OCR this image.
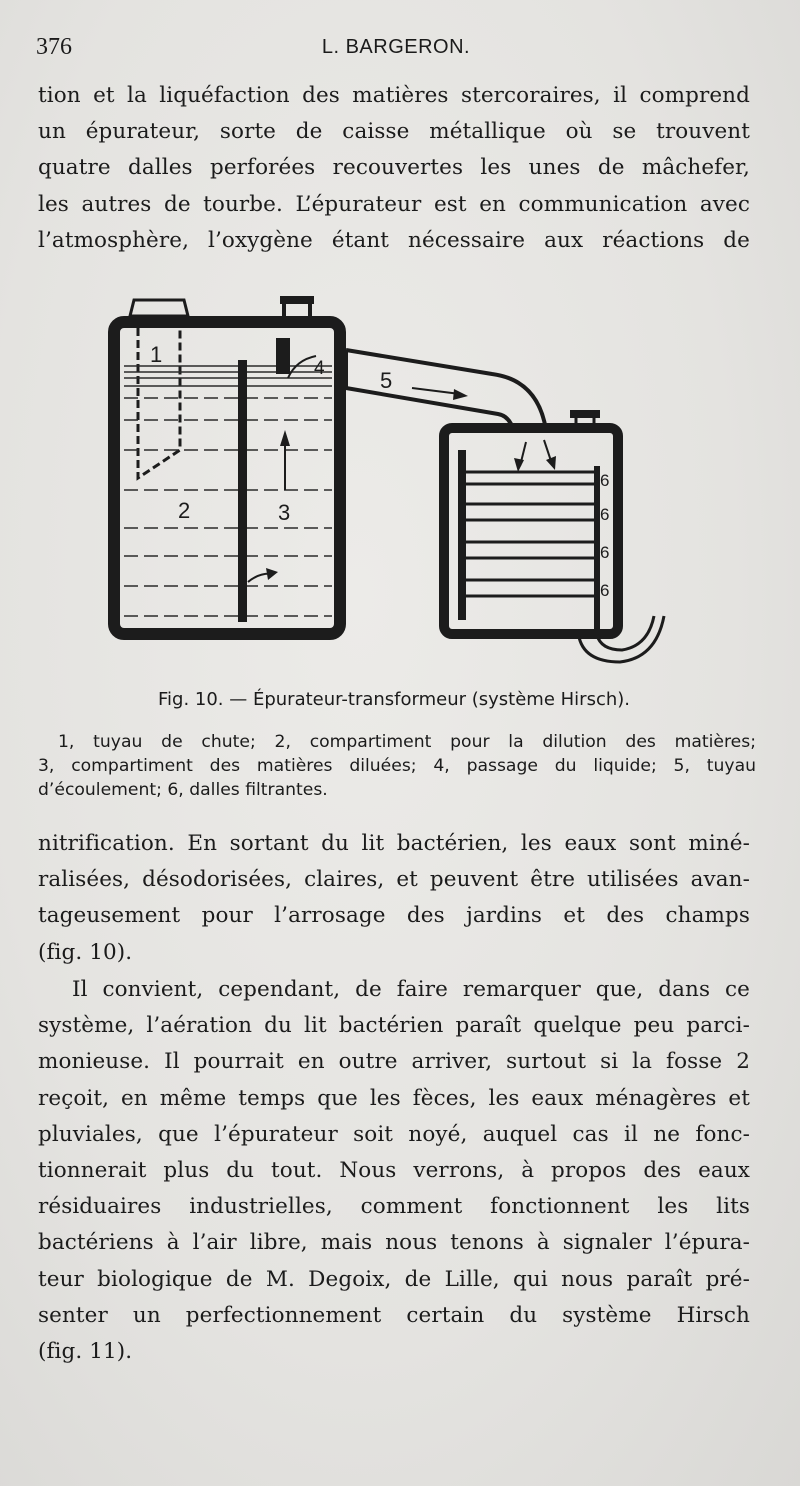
376	L. BARGERON.

tion et la liquéfaction des matières stercoraires, il comprend
un épurateur, sorte de caisse métallique où se trouvent
quatre dalles perforées recouvertes les unes de mâchefer,
les autres de tourbe. L’épurateur est en communication avec
l’atmosphère, l’oxygène étant nécessaire aux réactions de

1
2	3
4	5
6
6
6
6
Fig. 10. — Épurateur-transformeur (système Hirsch).

1, tuyau de chute; 2, compartiment pour la dilution des matières;
3, compartiment des matières diluées; 4, passage du liquide; 5, tuyau
d’écoulement; 6, dalles filtrantes.

nitrification. En sortant du lit bactérien, les eaux sont miné-
ralisées, désodorisées, claires, et peuvent être utilisées avan-
tageusement pour l’arrosage des jardins et des champs
(fig. 10).

Il convient, cependant, de faire remarquer que, dans ce
système, l’aération du lit bactérien paraît quelque peu parci-
monieuse. Il pourrait en outre arriver, surtout si la fosse 2
reçoit, en même temps que les fèces, les eaux ménagères et
pluviales, que l’épurateur soit noyé, auquel cas il ne fonc-
tionnerait plus du tout. Nous verrons, à propos des eaux
résiduaires industrielles, comment fonctionnent les lits
bactériens à l’air libre, mais nous tenons à signaler l’épura-
teur biologique de M. Degoix, de Lille, qui nous paraît pré-
senter un perfectionnement certain du système Hirsch
(fig. 11).
